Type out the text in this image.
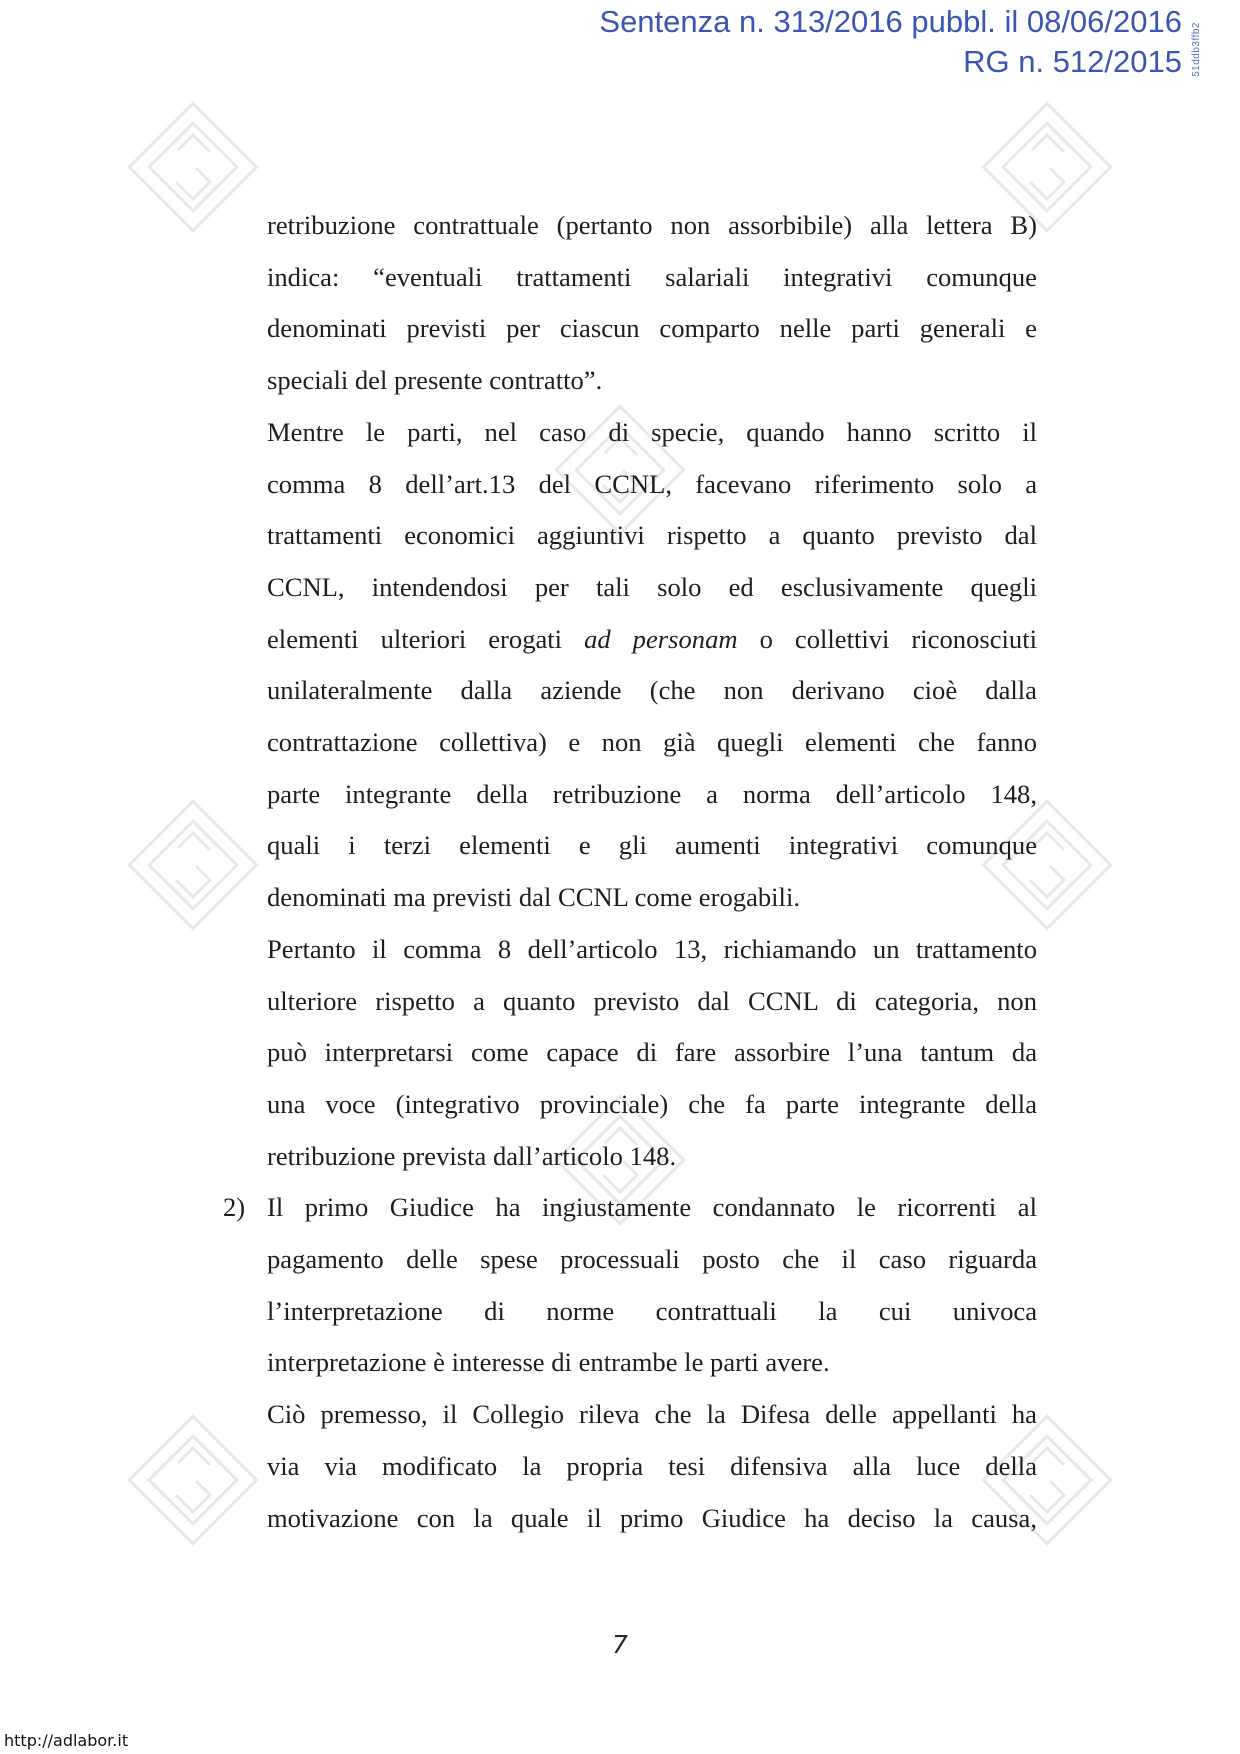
Sentenza n. 313/2016 pubbl. il 08/06/2016
RG n. 512/2015 51ddb3ffb2
retribuzione contrattuale (pertanto non assorbibile) alla lettera B)
indica: “eventuali trattamenti salariali integrativi comunque
denominati previsti per ciascun comparto nelle parti generali e
speciali del presente contratto”.
Mentre le parti, nel caso di specie, quando hanno scritto il
comma 8 dell’art.13 del CCNL, facevano riferimento solo a
trattamenti economici aggiuntivi rispetto a quanto previsto dal
CCNL, intendendosi per tali solo ed esclusivamente quegli
elementi ulteriori erogati ad personam o collettivi riconosciuti
unilateralmente dalla aziende (che non derivano cioè dalla
contrattazione collettiva) e non già quegli elementi che fanno
parte integrante della retribuzione a norma dell’articolo 148,
quali i terzi elementi e gli aumenti integrativi comunque
denominati ma previsti dal CCNL come erogabili.
Pertanto il comma 8 dell’articolo 13, richiamando un trattamento
ulteriore rispetto a quanto previsto dal CCNL di categoria, non
può interpretarsi come capace di fare assorbire l’una tantum da
una voce (integrativo provinciale) che fa parte integrante della
retribuzione prevista dall’articolo 148.
2) Il primo Giudice ha ingiustamente condannato le ricorrenti al
pagamento delle spese processuali posto che il caso riguarda
l’interpretazione di norme contrattuali la cui univoca
interpretazione è interesse di entrambe le parti avere.
Ciò premesso, il Collegio rileva che la Difesa delle appellanti ha
via via modificato la propria tesi difensiva alla luce della
motivazione con la quale il primo Giudice ha deciso la causa,
7
http://adlabor.it
